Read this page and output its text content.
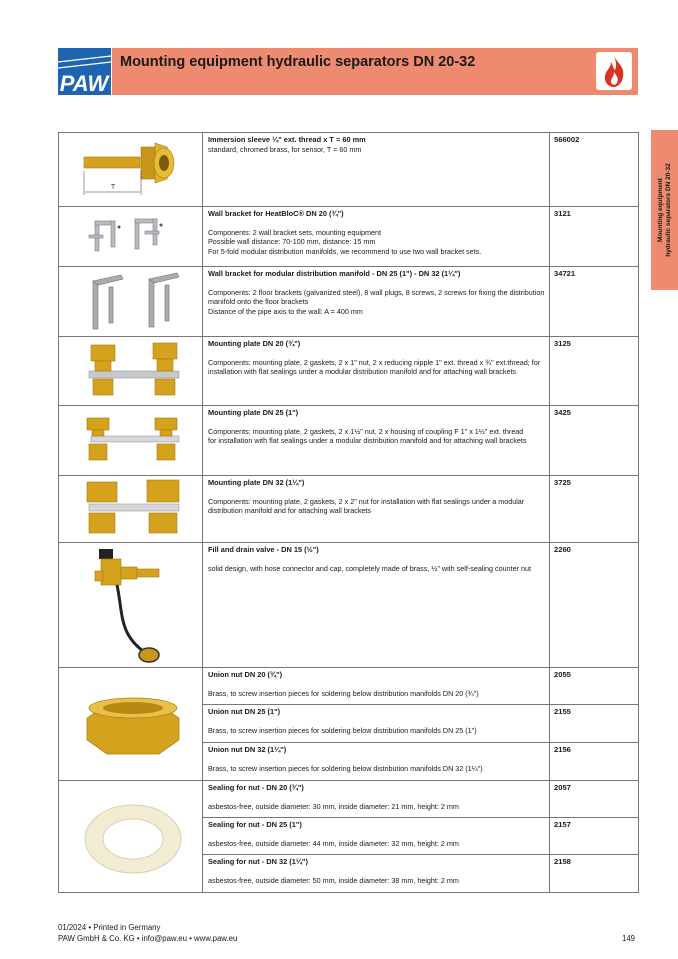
PAW
Mounting equipment hydraulic separators DN 20-32
Mounting equipment hydraulic separators DN 20-32
T	Immersion sleeve ¼" ext. thread x T = 60 mm
standard, chromed brass, for sensor, T = 60 mm	566002

Wall bracket for HeatBloC® DN 20 (¾")
Components: 2 wall bracket sets, mounting equipment
Possible wall distance: 70-100 mm, distance: 15 mm
For 5-fold modular distribution manifolds, we recommend to use two wall bracket sets.	3121

Wall bracket for modular distribution manifold - DN 25 (1") - DN 32 (1¼")
Components: 2 floor brackets (galvanized steel), 8 wall plugs, 8 screws, 2 screws for fixing the distribution manifold onto the floor brackets
Distance of the pipe axis to the wall: A = 400 mm	34721

Mounting plate DN 20 (¾")
Components: mounting plate, 2 gaskets, 2 x 1" nut, 2 x reducing nipple 1" ext. thread x ¾" ext.thread; for installation with flat sealings under a modular distribution manifold and for attaching wall brackets	3125

Mounting plate DN 25 (1")
Components: mounting plate, 2 gaskets, 2 x 1½" nut, 2 x housing of coupling F 1" x 1½" ext. thread
for installation with flat sealings under a modular distribution manifold and for attaching wall brackets	3425

Mounting plate DN 32 (1¼")
Components: mounting plate, 2 gaskets, 2 x 2" nut for installation with flat sealings under a modular distribution manifold and for attaching wall brackets	3725

Fill and drain valve - DN 15 (½")
solid design, with hose connector and cap, completely made of brass, ½" with self-sealing counter nut	2260

Union nut DN 20 (¾")
Brass, to screw insertion pieces for soldering below distribution manifolds DN 20 (¾")	2055

	Union nut DN 25 (1")
Brass, to screw insertion pieces for soldering below distribution manifolds DN 25 (1")	2155

	Union nut DN 32 (1¼")
Brass, to screw insertion pieces for soldering below distribution manifolds DN 32 (1¼")	2156

Sealing for nut - DN 20 (¾")
asbestos-free, outside diameter: 30 mm, inside diameter: 21 mm, height: 2 mm	2057

	Sealing for nut - DN 25 (1")
asbestos-free, outside diameter: 44 mm, inside diameter: 32 mm, height: 2 mm	2157

	Sealing for nut - DN 32 (1¼")
asbestos-free, outside diameter: 50 mm, inside diameter: 38 mm, height: 2 mm	2158
01/2024 • Printed in Germany
PAW GmbH & Co. KG • info@paw.eu • www.paw.eu	149
